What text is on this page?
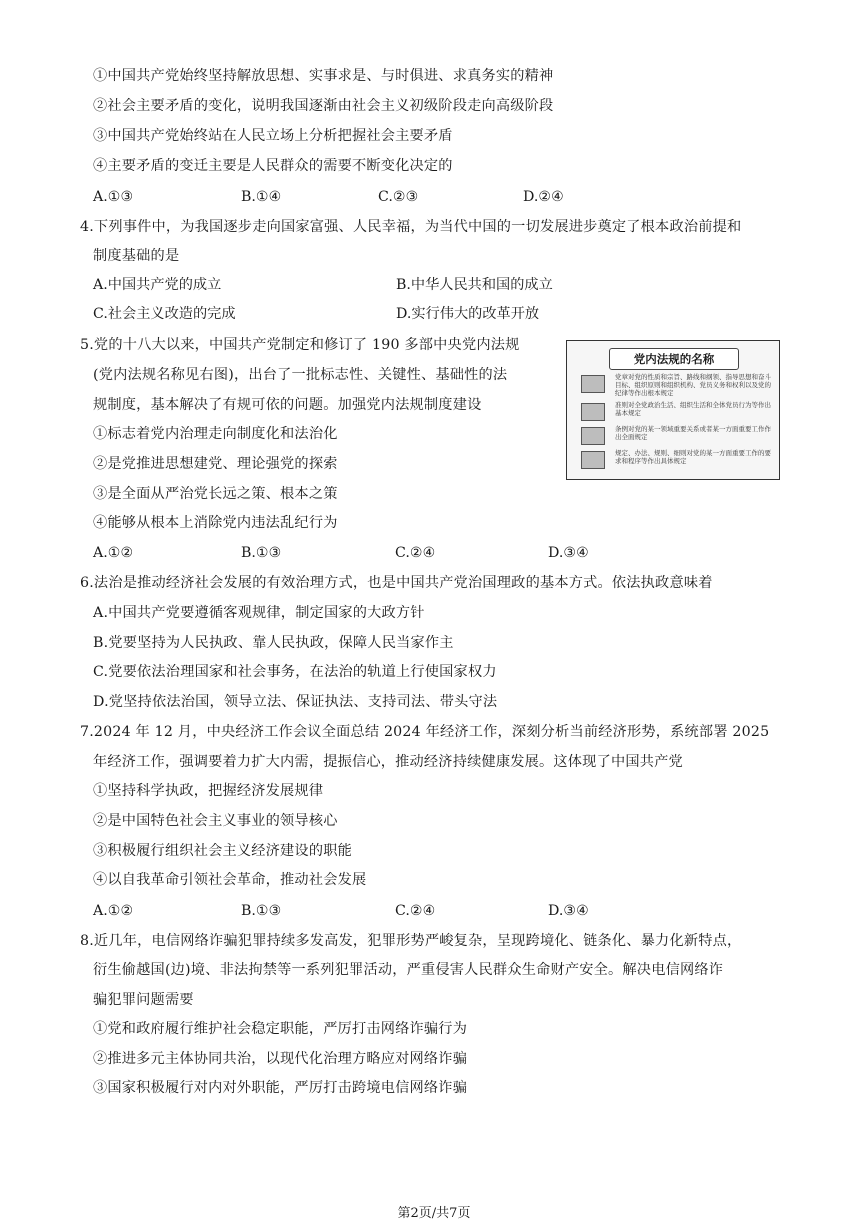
①中国共产党始终坚持解放思想、实事求是、与时俱进、求真务实的精神
②社会主要矛盾的变化，说明我国逐渐由社会主义初级阶段走向高级阶段
③中国共产党始终站在人民立场上分析把握社会主要矛盾
④主要矛盾的变迁主要是人民群众的需要不断变化决定的
A.①③	B.①④	C.②③	D.②④
4.下列事件中，为我国逐步走向国家富强、人民幸福，为当代中国的一切发展进步奠定了根本政治前提和
制度基础的是
A.中国共产党的成立	B.中华人民共和国的成立
C.社会主义改造的完成	D.实行伟大的改革开放
5.党的十八大以来，中国共产党制定和修订了 190 多部中央党内法规
(党内法规名称见右图)，出台了一批标志性、关键性、基础性的法
规制度，基本解决了有规可依的问题。加强党内法规制度建设
①标志着党内治理走向制度化和法治化
②是党推进思想建党、理论强党的探索
③是全面从严治党长远之策、根本之策
④能够从根本上消除党内违法乱纪行为
A.①②	B.①③	C.②④	D.③④
党内法规的名称
党章对党的性质和宗旨、路线和纲领、指导思想和奋斗目标、组织原则和组织机构、党员义务和权利以及党的纪律等作出根本规定
准则对全党政治生活、组织生活和全体党员行为等作出基本规定
条例对党的某一领域重要关系或者某一方面重要工作作出全面规定
规定、办法、规则、细则对党的某一方面重要工作的要求和程序等作出具体规定
6.法治是推动经济社会发展的有效治理方式，也是中国共产党治国理政的基本方式。依法执政意味着
A.中国共产党要遵循客观规律，制定国家的大政方针
B.党要坚持为人民执政、靠人民执政，保障人民当家作主
C.党要依法治理国家和社会事务，在法治的轨道上行使国家权力
D.党坚持依法治国，领导立法、保证执法、支持司法、带头守法
7.2024 年 12 月，中央经济工作会议全面总结 2024 年经济工作，深刻分析当前经济形势，系统部署 2025
年经济工作，强调要着力扩大内需，提振信心，推动经济持续健康发展。这体现了中国共产党
①坚持科学执政，把握经济发展规律
②是中国特色社会主义事业的领导核心
③积极履行组织社会主义经济建设的职能
④以自我革命引领社会革命，推动社会发展
A.①②	B.①③	C.②④	D.③④
8.近几年，电信网络诈骗犯罪持续多发高发，犯罪形势严峻复杂，呈现跨境化、链条化、暴力化新特点，
衍生偷越国(边)境、非法拘禁等一系列犯罪活动，严重侵害人民群众生命财产安全。解决电信网络诈
骗犯罪问题需要
①党和政府履行维护社会稳定职能，严厉打击网络诈骗行为
②推进多元主体协同共治，以现代化治理方略应对网络诈骗
③国家积极履行对内对外职能，严厉打击跨境电信网络诈骗
第2页/共7页
